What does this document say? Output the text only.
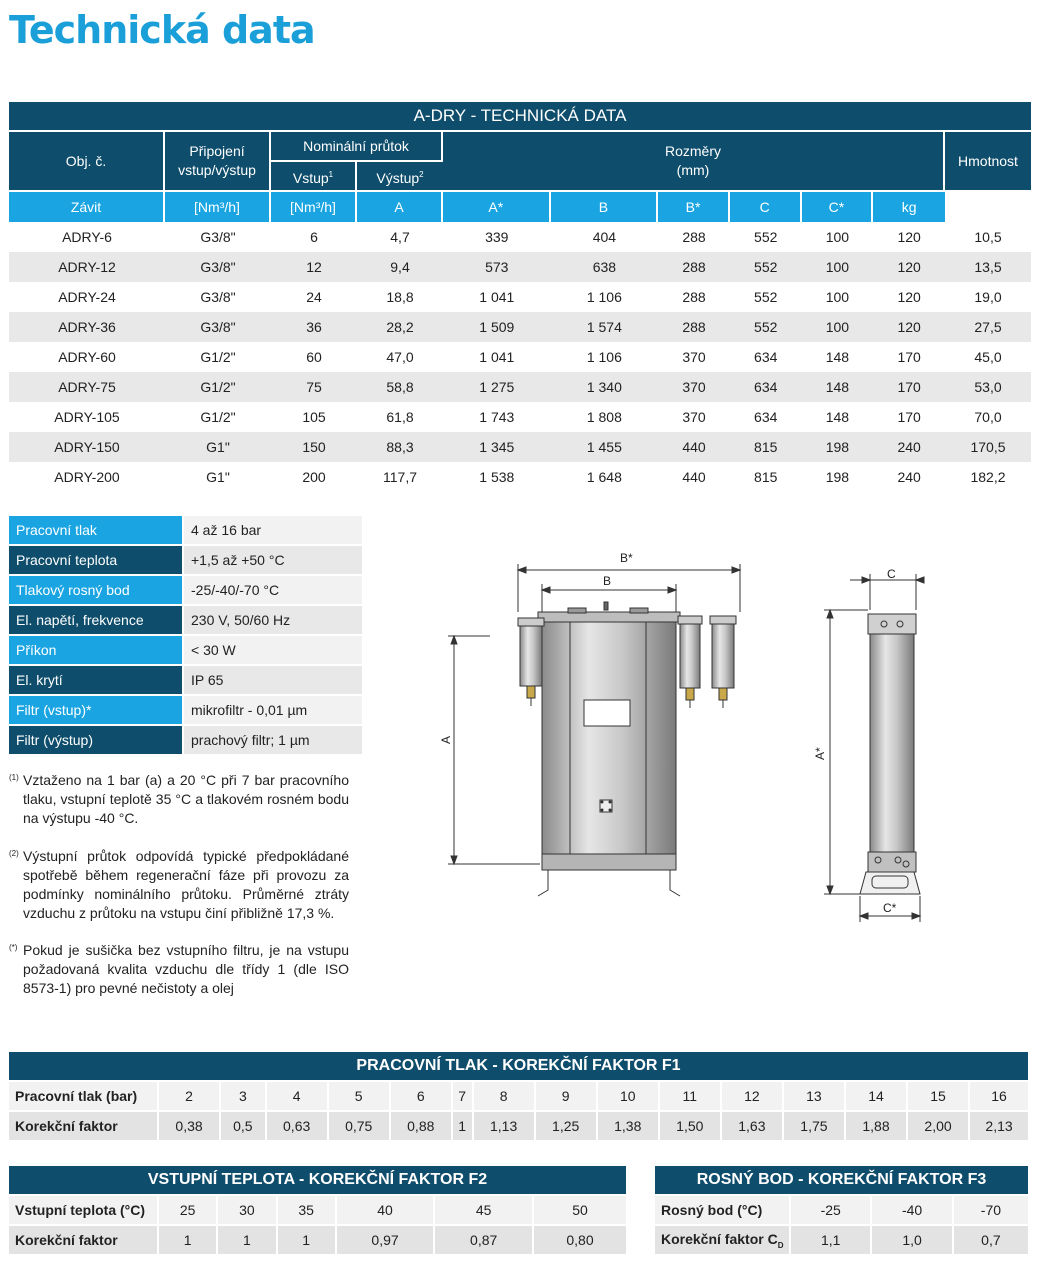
Technická data
A-DRY - TECHNICKÁ DATA										
Obj. č.	Připojení vstup/výstup	Nominální průtok		Rozměry
(mm)						Hmotnost
		Vstup$^1$	Výstup$^2$
Závit	[Nm³/h]	[Nm³/h]	A	A*	B	B*	C	C*	kg	
ADRY-6	G3/8"	6	4,7	339	404	288	552	100	120	10,5
ADRY-12	G3/8"	12	9,4	573	638	288	552	100	120	13,5
ADRY-24	G3/8"	24	18,8	1 041	1 106	288	552	100	120	19,0
ADRY-36	G3/8"	36	28,2	1 509	1 574	288	552	100	120	27,5
ADRY-60	G1/2"	60	47,0	1 041	1 106	370	634	148	170	45,0
ADRY-75	G1/2"	75	58,8	1 275	1 340	370	634	148	170	53,0
ADRY-105	G1/2"	105	61,8	1 743	1 808	370	634	148	170	70,0
ADRY-150	G1"	150	88,3	1 345	1 455	440	815	198	240	170,5
ADRY-200	G1"	200	117,7	1 538	1 648	440	815	198	240	182,2
Pracovní tlak	4 až 16 bar
Pracovní teplota	+1,5 až +50 °C
Tlakový rosný bod	-25/-40/-70 °C
El. napětí, frekvence	230 V, 50/60 Hz
Příkon	< 30 W
El. krytí	IP 65
Filtr (vstup)*	mikrofiltr - 0,01 µm
Filtr (výstup)	prachový filtr; 1 µm
(1) Vztaženo na 1 bar (a) a 20 °C při 7 bar pracovního tlaku, vstupní teplotě 35 °C a tlakovém rosném bodu na výstupu -40 °C.
(2) Výstupní průtok odpovídá typické předpokládané spotřebě během regenerační fáze při provozu za podmínky nominálního průtoku. Průměrné ztráty vzduchu z průtoku na vstupu činí přibližně 17,3 %.
(*) Pokud je sušička bez vstupního filtru, je na vstupu požadovaná kvalita vzduchu dle třídy 1 (dle ISO 8573-1) pro pevné nečistoty a olej
B*
B
A
C
A*
C*
PRACOVNÍ TLAK - KOREKČNÍ FAKTOR F1															
Pracovní tlak (bar)	2	3	4	5	6	7	8	9	10	11	12	13	14	15	16
Korekční faktor	0,38	0,5	0,63	0,75	0,88	1	1,13	1,25	1,38	1,50	1,63	1,75	1,88	2,00	2,13
VSTUPNÍ TEPLOTA - KOREKČNÍ FAKTOR F2						
Vstupní teplota (°C)	25	30	35	40	45	50
Korekční faktor	1	1	1	0,97	0,87	0,80
ROSNÝ BOD - KOREKČNÍ FAKTOR F3			
Rosný bod (°C)	-25	-40	-70
Korekční faktor $C_D$	1,1	1,0	0,7
